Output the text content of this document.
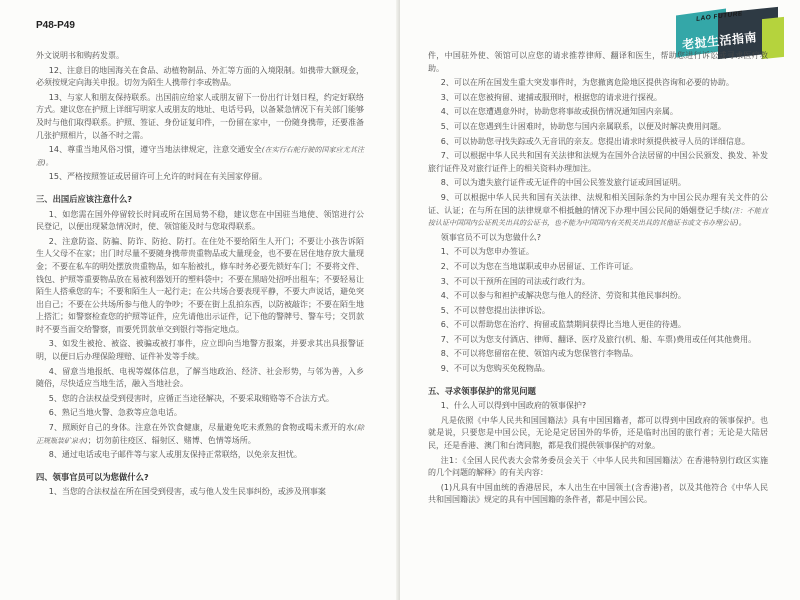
P48-P49

外文说明书和购药发票。

12、注意目的地国海关在食品、动植物制品、外汇等方面的入境限制。如携带大额现金，必须按规定向海关申报。切勿为陌生人携带行李或物品。

13、与家人和朋友保持联系。出国前应给家人或朋友留下一份出行计划日程，约定好联络方式。建议您在护照上详细写明家人或朋友的地址、电话号码，以备紧急情况下有关部门能够及时与他们取得联系。护照、签证、身份证复印件，一份留在家中，一份随身携带，还要准备几张护照相片，以备不时之需。

14、尊重当地风俗习惯，遵守当地法律规定，注意交通安全(在实行右舵行驶的国家应尤其注意)。

15、严格按照签证或居留许可上允许的时间在有关国家停留。

三、出国后应该注意什么?

1、如您需在国外停留较长时间或所在国局势不稳，建议您在中国驻当地使、领馆进行公民登记，以便出现紧急情况时，使、领馆能及时与您取得联系。

2、注意防盗、防骗、防诈、防抢、防打。在住处不要给陌生人开门；不要让小孩告诉陌生人父母不在家；出门时尽量不要随身携带贵重物品或大量现金，也不要在居住地存放大量现金；不要在私车的明处摆放贵重物品，如车胎被扎，修车时务必要先锁好车门；不要将文件、钱包、护照等重要物品放在易被利器划开的塑料袋中；不要在黑暗处招呼出租车；不要轻易让陌生人搭乘您的车；不要和陌生人一起行走；在公共场合要表现平静，不要大声说话，避免突出自己；不要在公共场所参与他人的争吵；不要在街上乱拍东西，以防被敲诈；不要在陌生地上搭汇；如警察检查您的护照等证件，应先请他出示证件，记下他的警牌号、警车号；交罚款时不要当面交给警察，而要凭罚款单交到银行等指定地点。

3、如发生被抢、被盗、被骗或被打事件，应立即向当地警方报案，并要求其出具报警证明，以便日后办理保险理赔、证件补发等手续。

4、留意当地报纸、电视等媒体信息，了解当地政治、经济、社会形势，与邻为善，入乡随俗，尽快适应当地生活，融入当地社会。

5、您的合法权益受到侵害时，应循正当途径解决，不要采取贿赂等不合法方式。

6、熟记当地火警、急救等应急电话。

7、照顾好自己的身体。注意在外饮食健康，尽量避免吃未煮熟的食物或喝未煮开的水(除正规瓶装矿泉水)；切勿前往疫区、辐射区、赌博、色情等场所。

8、通过电话或电子邮件等与家人或朋友保持正常联络，以免亲友担忧。

四、领事官员可以为您做什么?

1、当您的合法权益在所在国受到侵害，或与他人发生民事纠纷，或涉及刑事案

LAO FUTURE
老挝生活指南

件，中国驻外使、领馆可以应您的请求推荐律师、翻译和医生，帮助您进行诉讼或寻求医疗救助。

2、可以在所在国发生重大突发事件时，为您撤离危险地区提供咨询和必要的协助。

3、可以在您被拘留、逮捕或服刑时，根据您的请求进行探视。

4、可以在您遭遇意外时，协助您将事故或损伤情况通知国内亲属。

5、可以在您遇到生计困难时，协助您与国内亲属联系，以便及时解决费用问题。

6、可以协助您寻找失踪或久无音讯的亲友。您提出请求时须提供被寻人员的详细信息。

7、可以根据中华人民共和国有关法律和法规为在国外合法居留的中国公民颁发、换发、补发旅行证件及对旅行证件上的相关资料办理加注。

8、可以为遗失旅行证件或无证件的中国公民签发旅行证或回国证明。

9、可以根据中华人民共和国有关法律、法规和相关国际条约为中国公民办理有关文件的公证、认证；在与所在国的法律规章不相抵触的情况下办理中国公民间的婚姻登记手续(注：不能直接认证中国国内公证机关出具的公证书，也不能为中国国内有关机关出具的其他证书或文书办理公证)。

领事官员不可以为您做什么?

1、不可以为您申办签证。

2、不可以为您在当地谋职或申办居留证、工作许可证。

3、不可以干预所在国的司法或行政行为。

4、不可以参与和袒护或解决您与他人的经济、劳资和其他民事纠纷。

5、不可以替您提出法律诉讼。

6、不可以帮助您在治疗、拘留或监禁期间获得比当地人更佳的待遇。

7、不可以为您支付酒店、律师、翻译、医疗及旅行(机、船、车票)费用或任何其他费用。

8、不可以将您留宿在使、领馆内或为您保管行李物品。

9、不可以为您购买免税物品。

五、寻求领事保护的常见问题

1、什么人可以得到中国政府的领事保护?

凡是依照《中华人民共和国国籍法》具有中国国籍者，都可以得到中国政府的领事保护。也就是说，只要您是中国公民，无论是定居国外的华侨，还是临时出国的旅行者；无论是大陆居民，还是香港、澳门和台湾同胞，都是我们提供领事保护的对象。

注1：《全国人民代表大会常务委员会关于〈中华人民共和国国籍法〉在香港特别行政区实施的几个问题的解释》的有关内容：

(1)凡具有中国血统的香港居民，本人出生在中国领土(含香港)者，以及其他符合《中华人民共和国国籍法》规定的具有中国国籍的条件者，都是中国公民。
